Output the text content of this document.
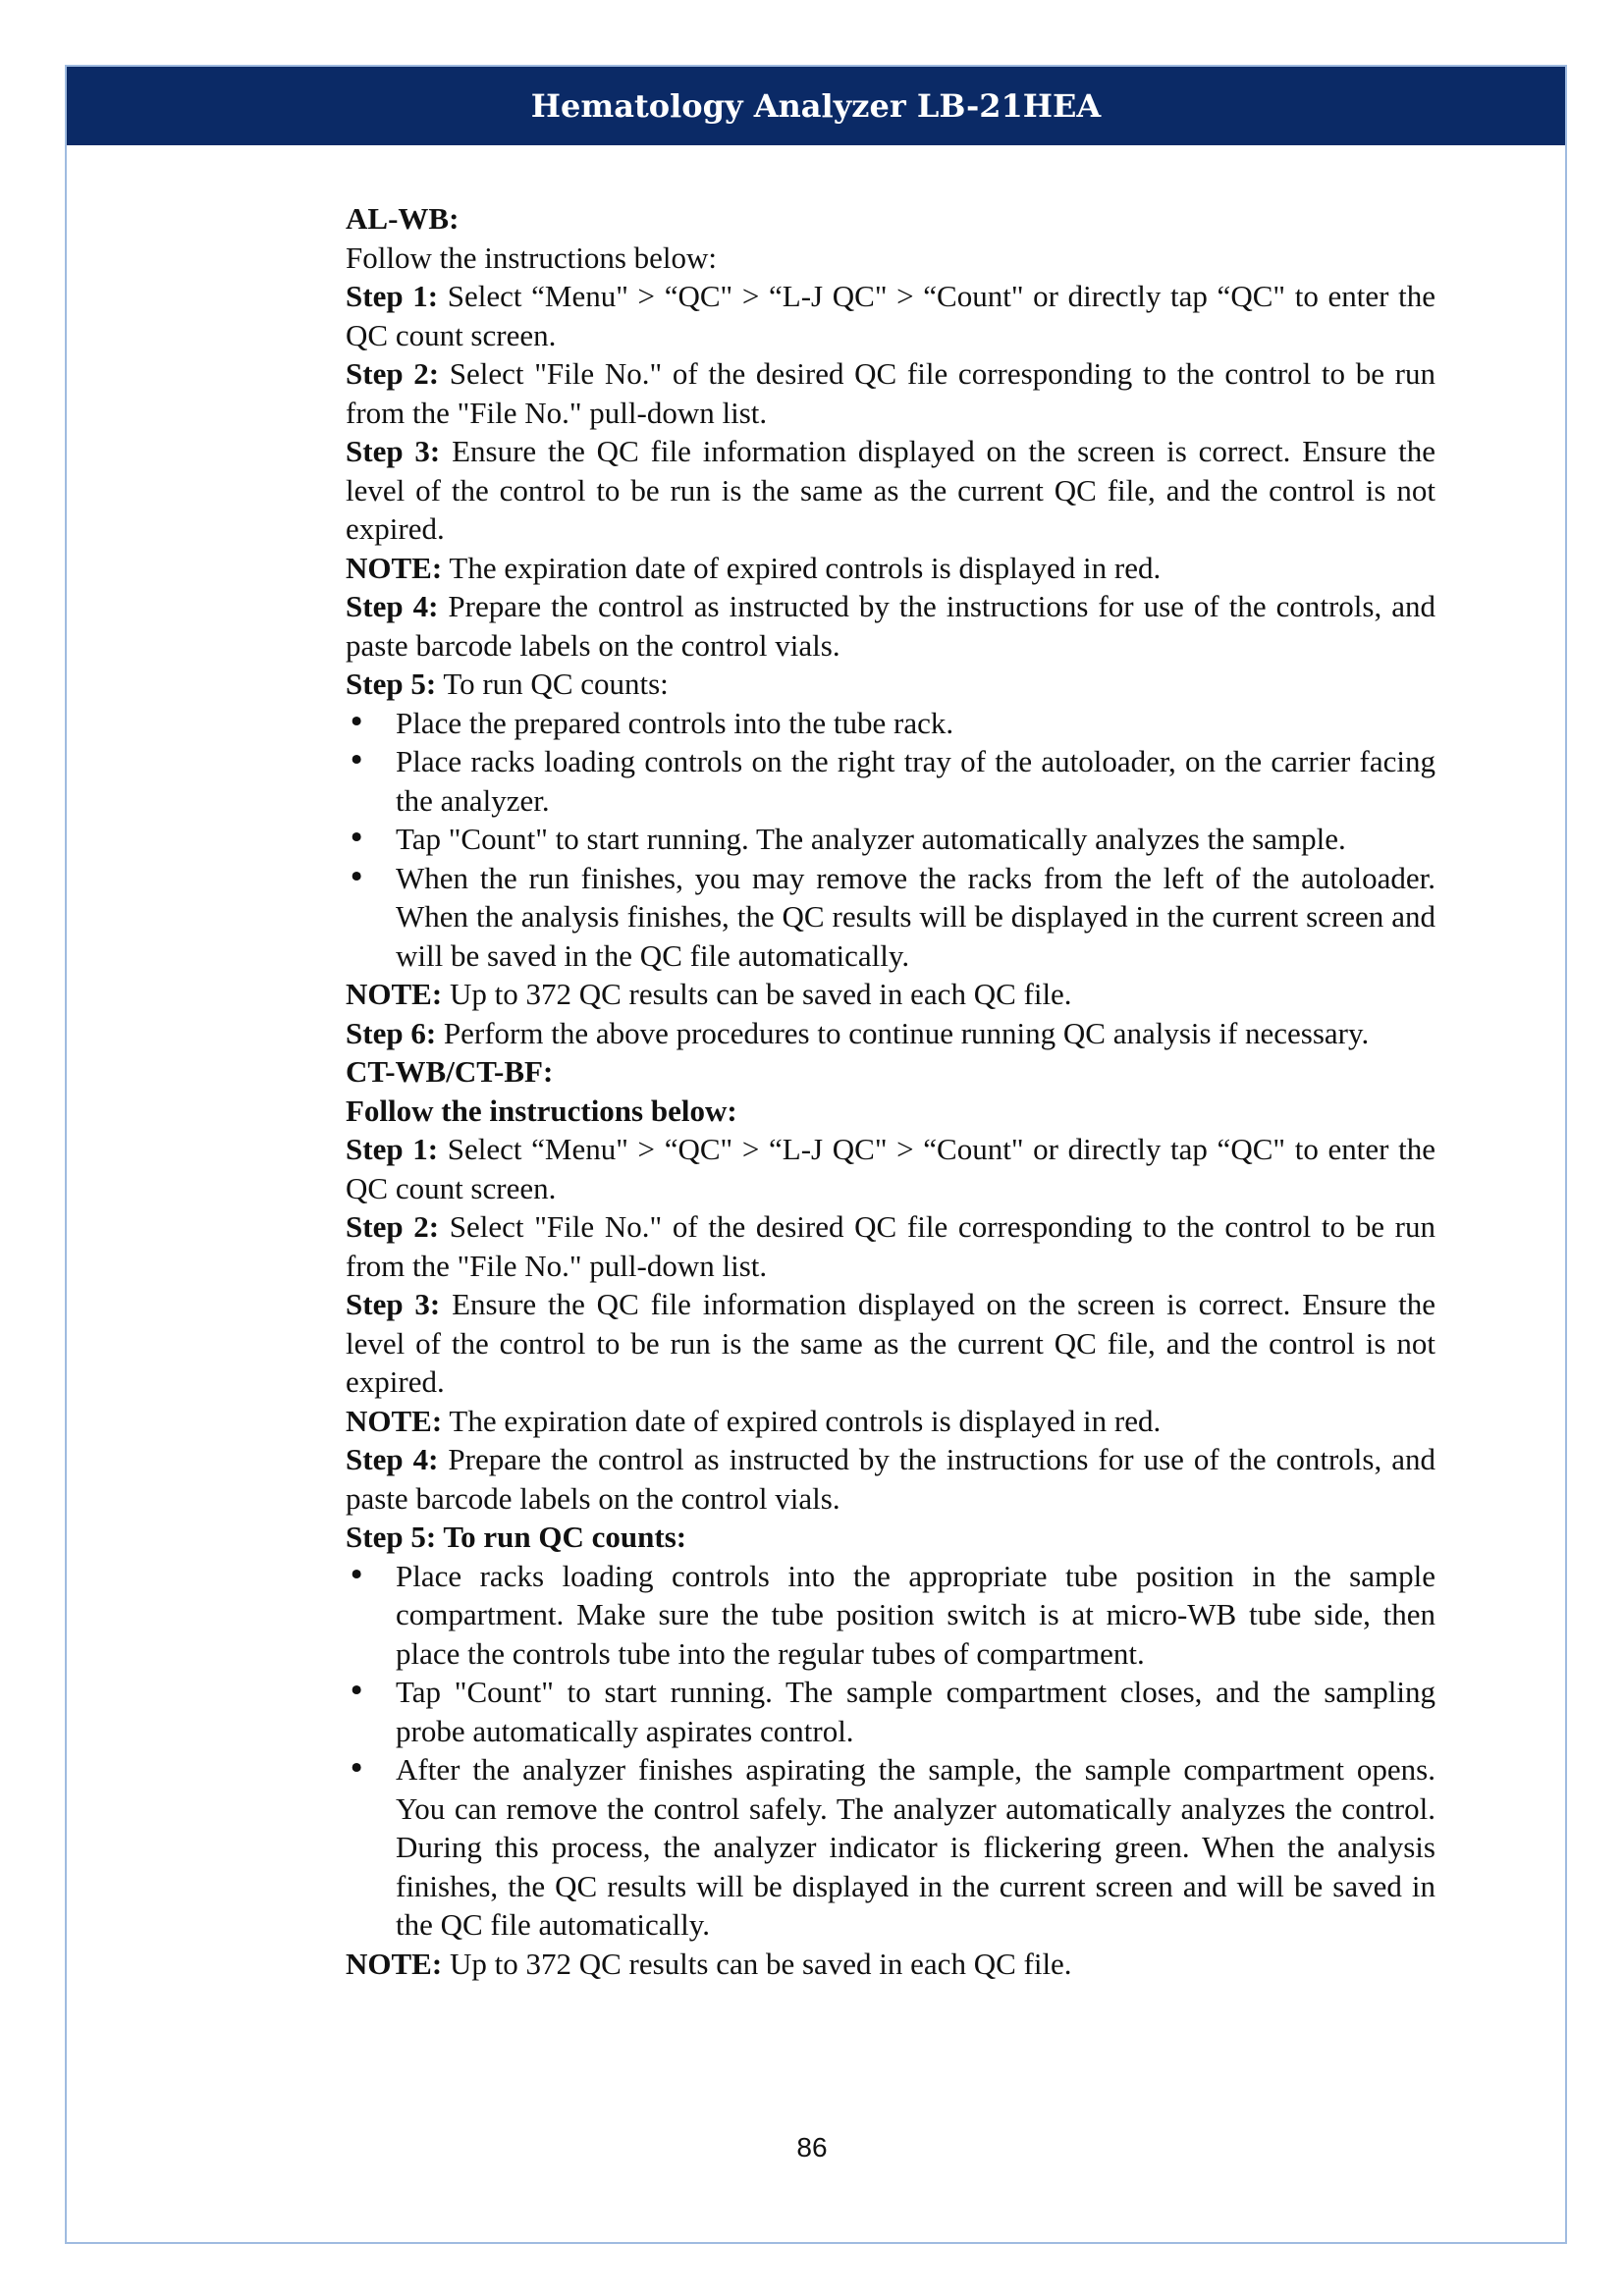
Hematology Analyzer LB-21HEA

AL-WB:

Follow the instructions below:

Step 1: Select “Menu" > “QC" > “L-J QC" > “Count" or directly tap “QC" to enter the QC count screen.

Step 2: Select "File No." of the desired QC file corresponding to the control to be run from the "File No." pull-down list.

Step 3: Ensure the QC file information displayed on the screen is correct. Ensure the level of the control to be run is the same as the current QC file, and the control is not expired.

NOTE: The expiration date of expired controls is displayed in red.

Step 4: Prepare the control as instructed by the instructions for use of the controls, and paste barcode labels on the control vials.

Step 5: To run QC counts:

• Place the prepared controls into the tube rack.
• Place racks loading controls on the right tray of the autoloader, on the carrier facing the analyzer.
• Tap "Count" to start running. The analyzer automatically analyzes the sample.
• When the run finishes, you may remove the racks from the left of the autoloader. When the analysis finishes, the QC results will be displayed in the current screen and will be saved in the QC file automatically.

NOTE: Up to 372 QC results can be saved in each QC file.

Step 6: Perform the above procedures to continue running QC analysis if necessary.

CT-WB/CT-BF:

Follow the instructions below:

Step 1: Select “Menu" > “QC" > “L-J QC" > “Count" or directly tap “QC" to enter the QC count screen.

Step 2: Select "File No." of the desired QC file corresponding to the control to be run from the "File No." pull-down list.

Step 3: Ensure the QC file information displayed on the screen is correct. Ensure the level of the control to be run is the same as the current QC file, and the control is not expired.

NOTE: The expiration date of expired controls is displayed in red.

Step 4: Prepare the control as instructed by the instructions for use of the controls, and paste barcode labels on the control vials.

Step 5: To run QC counts:

• Place racks loading controls into the appropriate tube position in the sample compartment. Make sure the tube position switch is at micro-WB tube side, then place the controls tube into the regular tubes of compartment.
• Tap "Count" to start running. The sample compartment closes, and the sampling probe automatically aspirates control.
• After the analyzer finishes aspirating the sample, the sample compartment opens. You can remove the control safely. The analyzer automatically analyzes the control. During this process, the analyzer indicator is flickering green. When the analysis finishes, the QC results will be displayed in the current screen and will be saved in the QC file automatically.

NOTE: Up to 372 QC results can be saved in each QC file.

86
